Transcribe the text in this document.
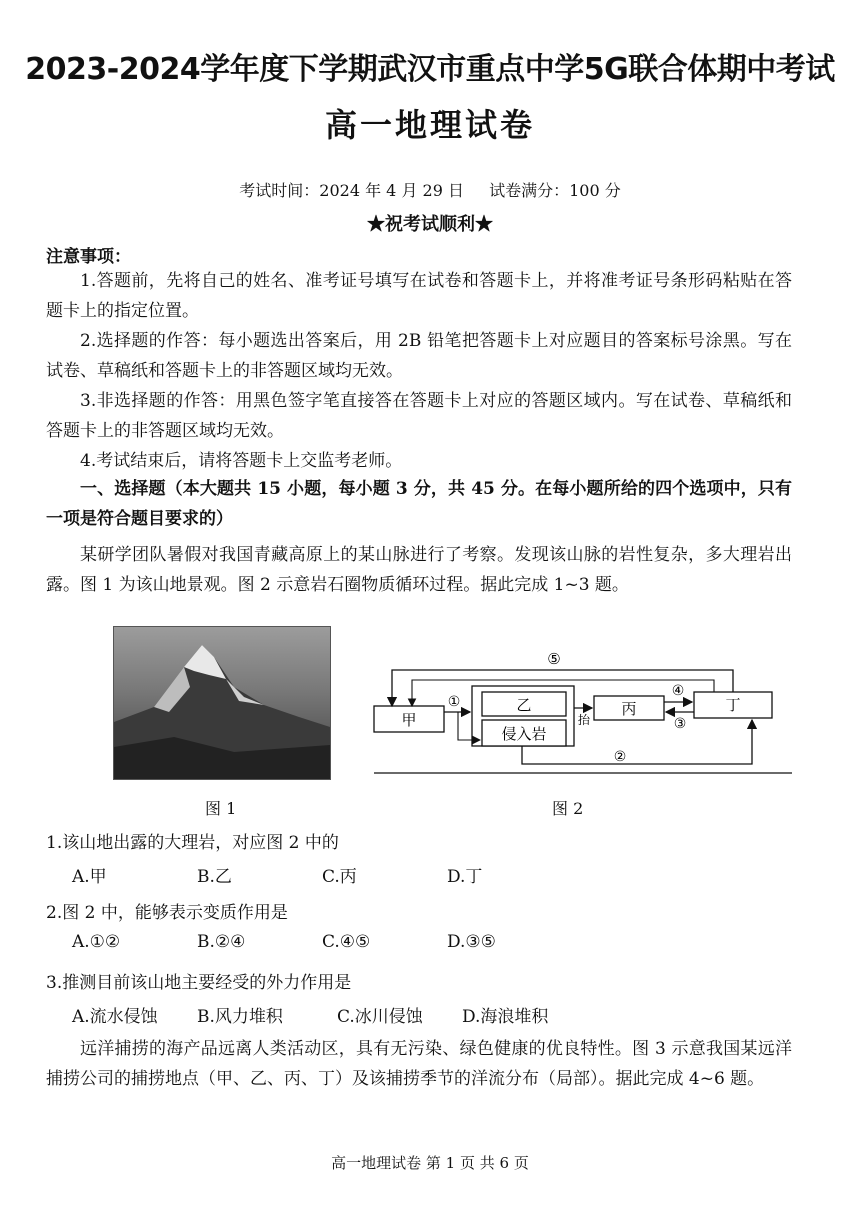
2023-2024学年度下学期武汉市重点中学5G联合体期中考试
高一地理试卷
考试时间：2024 年 4 月 29 日 试卷满分：100 分
★祝考试顺利★
注意事项：
1.答题前，先将自己的姓名、准考证号填写在试卷和答题卡上，并将准考证号条形码粘贴在答题卡上的指定位置。
2.选择题的作答：每小题选出答案后，用 2B 铅笔把答题卡上对应题目的答案标号涂黑。写在试卷、草稿纸和答题卡上的非答题区域均无效。
3.非选择题的作答：用黑色签字笔直接答在答题卡上对应的答题区域内。写在试卷、草稿纸和答题卡上的非答题区域均无效。
4.考试结束后，请将答题卡上交监考老师。
一、选择题（本大题共 15 小题，每小题 3 分，共 45 分。在每小题所给的四个选项中，只有一项是符合题目要求的）
某研学团队暑假对我国青藏高原上的某山脉进行了考察。发现该山脉的岩性复杂，多大理岩出露。图 1 为该山地景观。图 2 示意岩石圈物质循环过程。据此完成 1~3 题。
图 1
甲
乙
侵入岩
丙	丁
⑤
①
抬
④
③
②
图 2
1.该山地出露的大理岩，对应图 2 中的
A.甲	B.乙	C.丙	D.丁
2.图 2 中，能够表示变质作用是
A.①②	B.②④	C.④⑤	D.③⑤
3.推测目前该山地主要经受的外力作用是
A.流水侵蚀 B.风力堆积	C.冰川侵蚀 D.海浪堆积
远洋捕捞的海产品远离人类活动区，具有无污染、绿色健康的优良特性。图 3 示意我国某远洋捕捞公司的捕捞地点（甲、乙、丙、丁）及该捕捞季节的洋流分布（局部）。据此完成 4~6 题。
高一地理试卷 第 1 页 共 6 页
